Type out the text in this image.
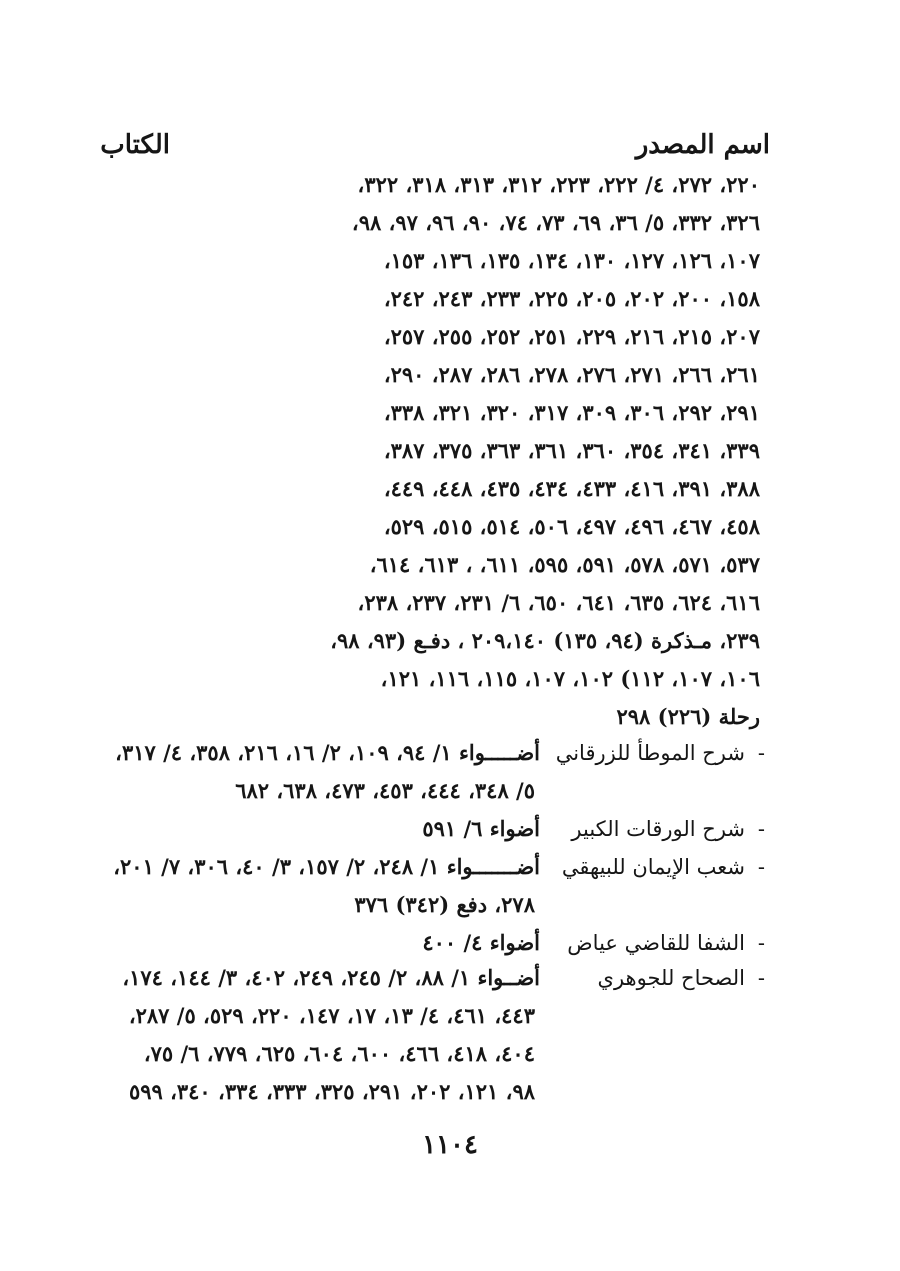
اسم المصدر
الكتاب
٢٢٠، ٢٧٢، ٤/ ٢٢٢، ٢٢٣، ٣١٢، ٣١٣، ٣١٨، ٣٢٢،
٣٢٦، ٣٣٢، ٥/ ٣٦، ٦٩، ٧٣، ٧٤، ٩٠، ٩٦، ٩٧، ٩٨،
١٠٧، ١٢٦، ١٢٧، ١٣٠، ١٣٤، ١٣٥، ١٣٦، ١٥٣،
١٥٨، ٢٠٠، ٢٠٢، ٢٠٥، ٢٢٥، ٢٣٣، ٢٤٣، ٢٤٢،
٢٠٧، ٢١٥، ٢١٦، ٢٢٩، ٢٥١، ٢٥٢، ٢٥٥، ٢٥٧،
٢٦١، ٢٦٦، ٢٧١، ٢٧٦، ٢٧٨، ٢٨٦، ٢٨٧، ٢٩٠،
٢٩١، ٢٩٢، ٣٠٦، ٣٠٩، ٣١٧، ٣٢٠، ٣٢١، ٣٣٨،
٣٣٩، ٣٤١، ٣٥٤، ٣٦٠، ٣٦١، ٣٦٣، ٣٧٥، ٣٨٧،
٣٨٨، ٣٩١، ٤١٦، ٤٣٣، ٤٣٤، ٤٣٥، ٤٤٨، ٤٤٩،
٤٥٨، ٤٦٧، ٤٩٦، ٤٩٧، ٥٠٦، ٥١٤، ٥١٥، ٥٢٩،
٥٣٧، ٥٧١، ٥٧٨، ٥٩١، ٥٩٥، ٦١١، ، ٦١٣، ٦١٤،
٦١٦، ٦٢٤، ٦٣٥، ٦٤١، ٦٥٠، ٦/ ٢٣١، ٢٣٧، ٢٣٨،
٢٣٩، مـذكرة (٩٤، ١٣٥) ٢٠٩،١٤٠ ، دفـع (٩٣، ٩٨،
١٠٦، ١٠٧، ١١٢) ١٠٢، ١٠٧، ١١٥، ١١٦، ١٢١،
رحلة (٢٢٦) ٢٩٨
-
شرح الموطأ للزرقاني
أضـــــواء ١/ ٩٤، ١٠٩، ٢/ ١٦، ٢١٦، ٣٥٨، ٤/ ٣١٧،
٥/ ٣٤٨، ٤٤٤، ٤٥٣، ٤٧٣، ٦٣٨، ٦٨٢
-
شرح الورقات الكبير
أضواء ٦/ ٥٩١
-
شعب الإيمان للبيهقي
أضـــــــواء ١/ ٢٤٨، ٢/ ١٥٧، ٣/ ٤٠، ٣٠٦، ٧/ ٢٠١،
٢٧٨، دفع (٣٤٢) ٣٧٦
-
الشفا للقاضي عياض
أضواء ٤/ ٤٠٠
-
الصحاح للجوهري
أضــواء ١/ ٨٨، ٢/ ٢٤٥، ٢٤٩، ٤٠٢، ٣/ ١٤٤، ١٧٤،
٤٤٣، ٤٦١، ٤/ ١٣، ١٧، ١٤٧، ٢٢٠، ٥٢٩، ٥/ ٢٨٧،
٤٠٤، ٤١٨، ٤٦٦، ٦٠٠، ٦٠٤، ٦٢٥، ٧٧٩، ٦/ ٧٥،
٩٨، ١٢١، ٢٠٢، ٢٩١، ٣٢٥، ٣٣٣، ٣٣٤، ٣٤٠، ٥٩٩
١١٠٤
